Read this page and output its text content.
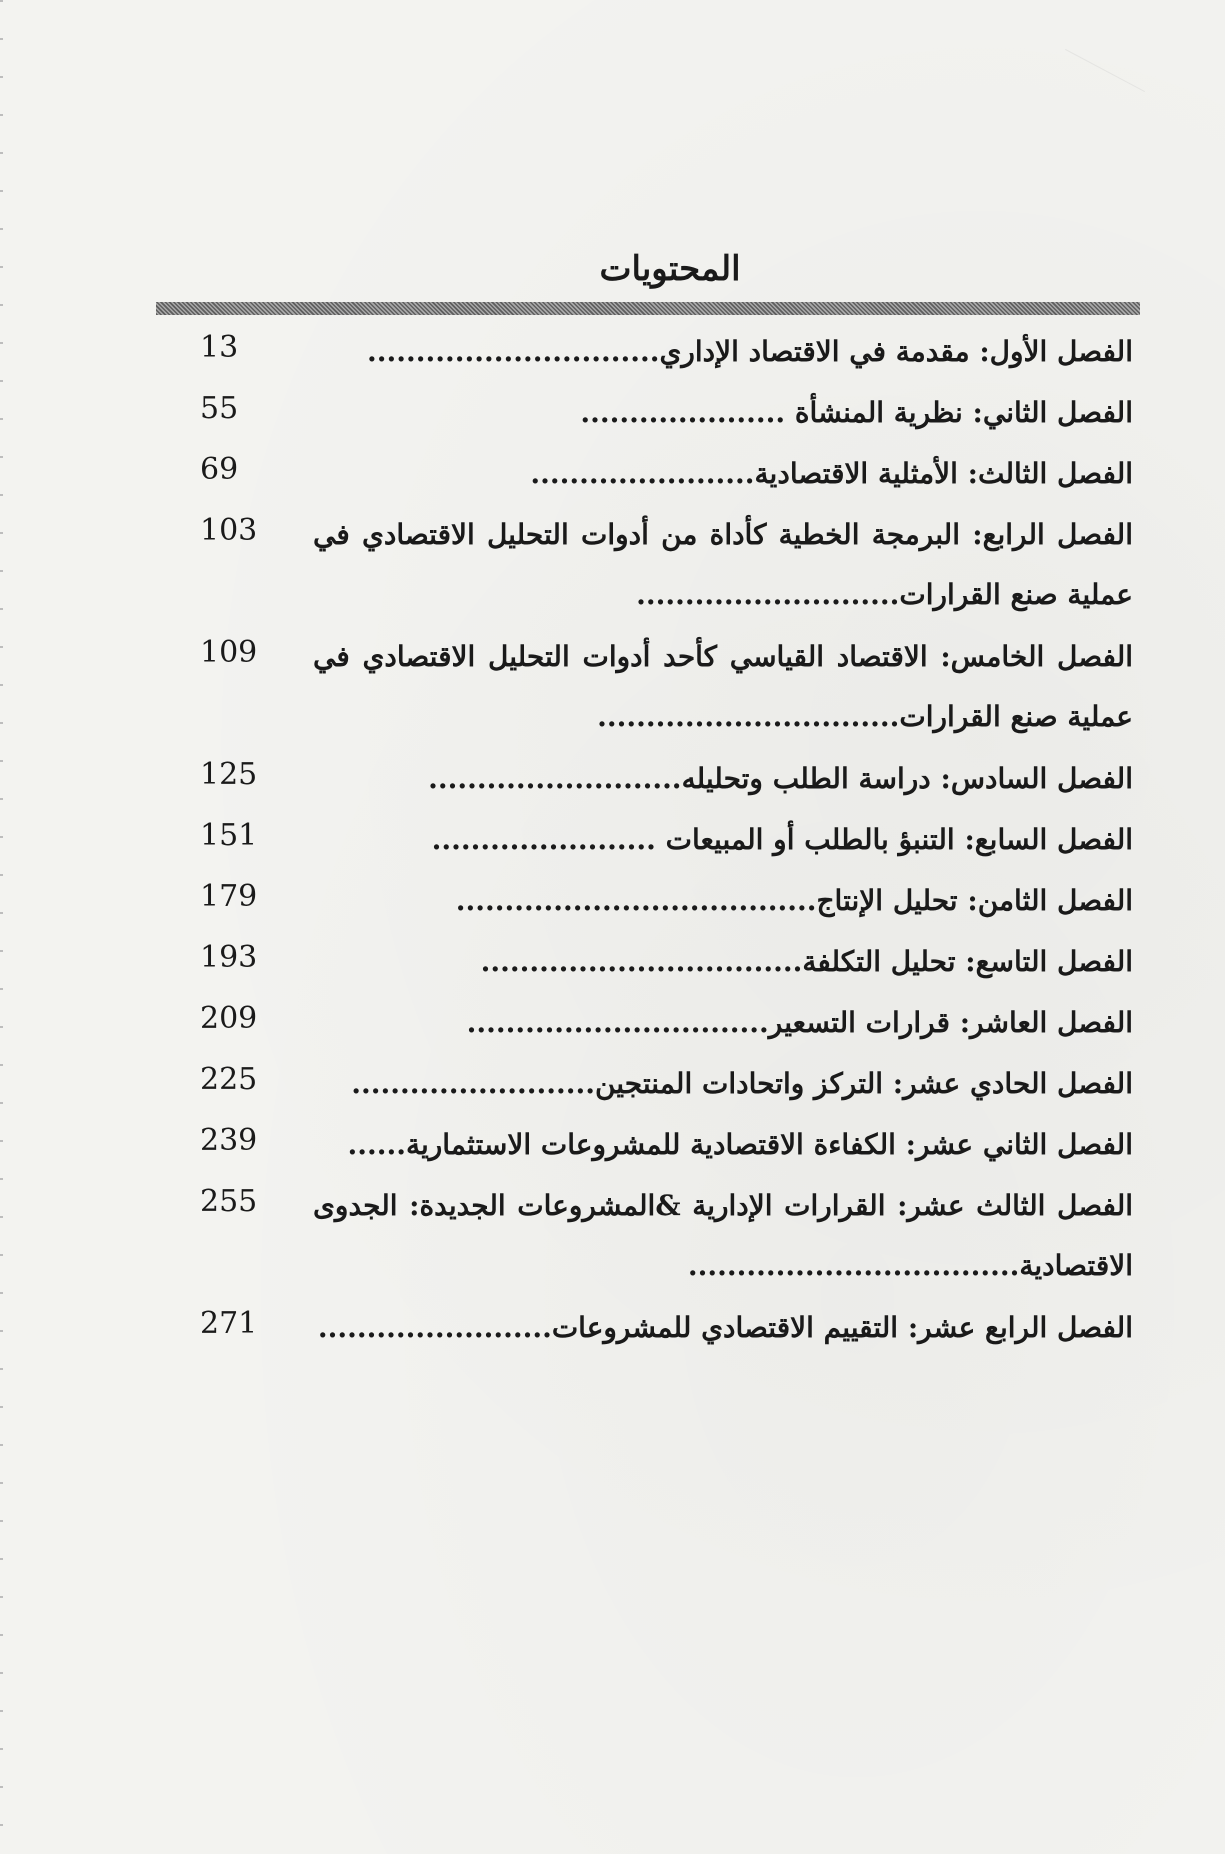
المحتويات
13	الفصل الأول: مقدمة في الاقتصاد الإداري..............................
55	الفصل الثاني: نظرية المنشأة .....................
69	الفصل الثالث: الأمثلية الاقتصادية.......................
103	الفصل الرابع: البرمجة الخطية كأداة من أدوات التحليل الاقتصادي في عملية صنع القرارات...........................
109	الفصل الخامس: الاقتصاد القياسي كأحد أدوات التحليل الاقتصادي في عملية صنع القرارات...............................
125	الفصل السادس: دراسة الطلب وتحليله..........................
151	الفصل السابع: التنبؤ بالطلب أو المبيعات .......................
179	الفصل الثامن: تحليل الإنتاج.....................................
193	الفصل التاسع: تحليل التكلفة.................................
209	الفصل العاشر: قرارات التسعير...............................
225	الفصل الحادي عشر: التركز واتحادات المنتجين.........................
239	الفصل الثاني عشر: الكفاءة الاقتصادية للمشروعات الاستثمارية......
255	الفصل الثالث عشر: القرارات الإدارية &المشروعات الجديدة: الجدوى الاقتصادية..................................
271	الفصل الرابع عشر: التقييم الاقتصادي للمشروعات........................
